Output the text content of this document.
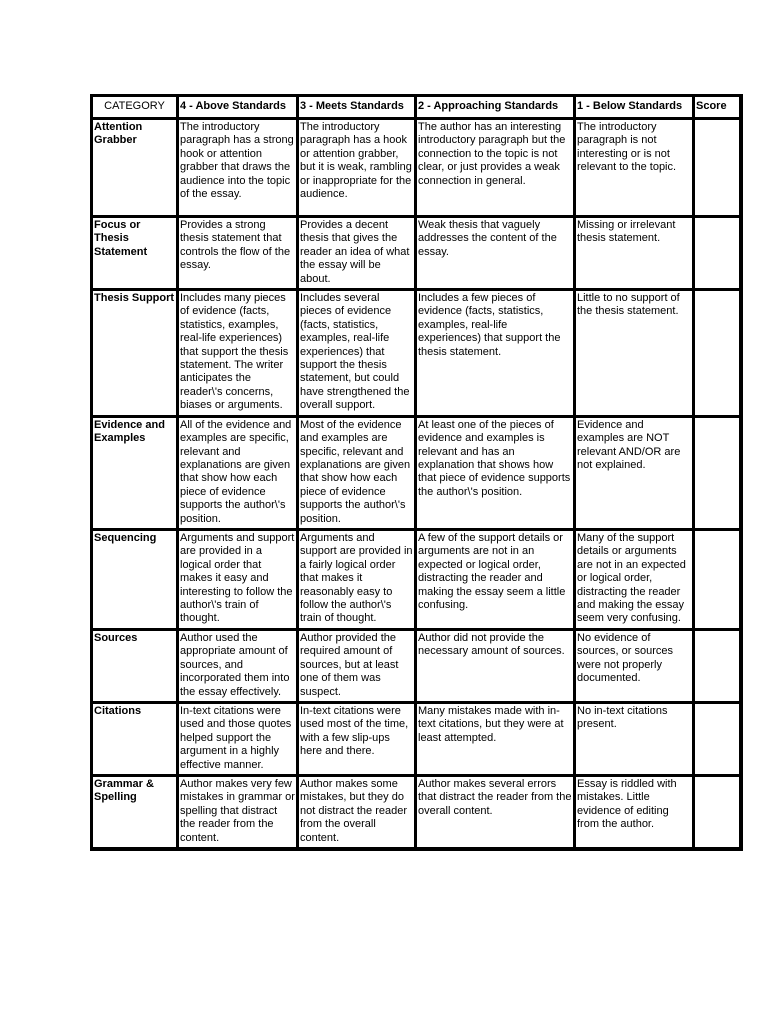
CATEGORY	4 - Above Standards	3 - Meets Standards	2 - Approaching Standards	1 - Below Standards	Score
Attention Grabber	The introductory paragraph has a strong hook or attention grabber that draws the audience into the topic of the essay.	The introductory paragraph has a hook or attention grabber, but it is weak, rambling or inappropriate for the audience.	The author has an interesting introductory paragraph but the connection to the topic is not clear, or just provides a weak connection in general.	The introductory paragraph is not interesting or is not relevant to the topic.	
Focus or Thesis Statement	Provides a strong thesis statement that controls the flow of the essay.	Provides a decent thesis that gives the reader an idea of what the essay will be about.	Weak thesis that vaguely addresses the content of the essay.	Missing or irrelevant thesis statement.	
Thesis Support	Includes many pieces of evidence (facts, statistics, examples, real-life experiences) that support the thesis statement. The writer anticipates the reader\'s concerns, biases or arguments.	Includes several pieces of evidence (facts, statistics, examples, real-life experiences) that support the thesis statement, but could have strengthened the overall support.	Includes a few pieces of evidence (facts, statistics, examples, real-life experiences) that support the thesis statement.	Little to no support of the thesis statement.	
Evidence and Examples	All of the evidence and examples are specific, relevant and explanations are given that show how each piece of evidence supports the author\'s position.	Most of the evidence and examples are specific, relevant and explanations are given that show how each piece of evidence supports the author\'s position.	At least one of the pieces of evidence and examples is relevant and has an explanation that shows how that piece of evidence supports the author\'s position.	Evidence and examples are NOT relevant AND/OR are not explained.	
Sequencing	Arguments and support are provided in a logical order that makes it easy and interesting to follow the author\'s train of thought.	Arguments and support are provided in a fairly logical order that makes it reasonably easy to follow the author\'s train of thought.	A few of the support details or arguments are not in an expected or logical order, distracting the reader and making the essay seem a little confusing.	Many of the support details or arguments are not in an expected or logical order, distracting the reader and making the essay seem very confusing.	
Sources	Author used the appropriate amount of sources, and incorporated them into the essay effectively.	Author provided the required amount of sources, but at least one of them was suspect.	Author did not provide the necessary amount of sources.	No evidence of sources, or sources were not properly documented.	
Citations	In-text citations were used and those quotes helped support the argument in a highly effective manner.	In-text citations were used most of the time, with a few slip-ups here and there.	Many mistakes made with in-text citations, but they were at least attempted.	No in-text citations present.	
Grammar & Spelling	Author makes very few mistakes in grammar or spelling that distract the reader from the content.	Author makes some mistakes, but they do not distract the reader from the overall content.	Author makes several errors that distract the reader from the overall content.	Essay is riddled with mistakes. Little evidence of editing from the author.	
